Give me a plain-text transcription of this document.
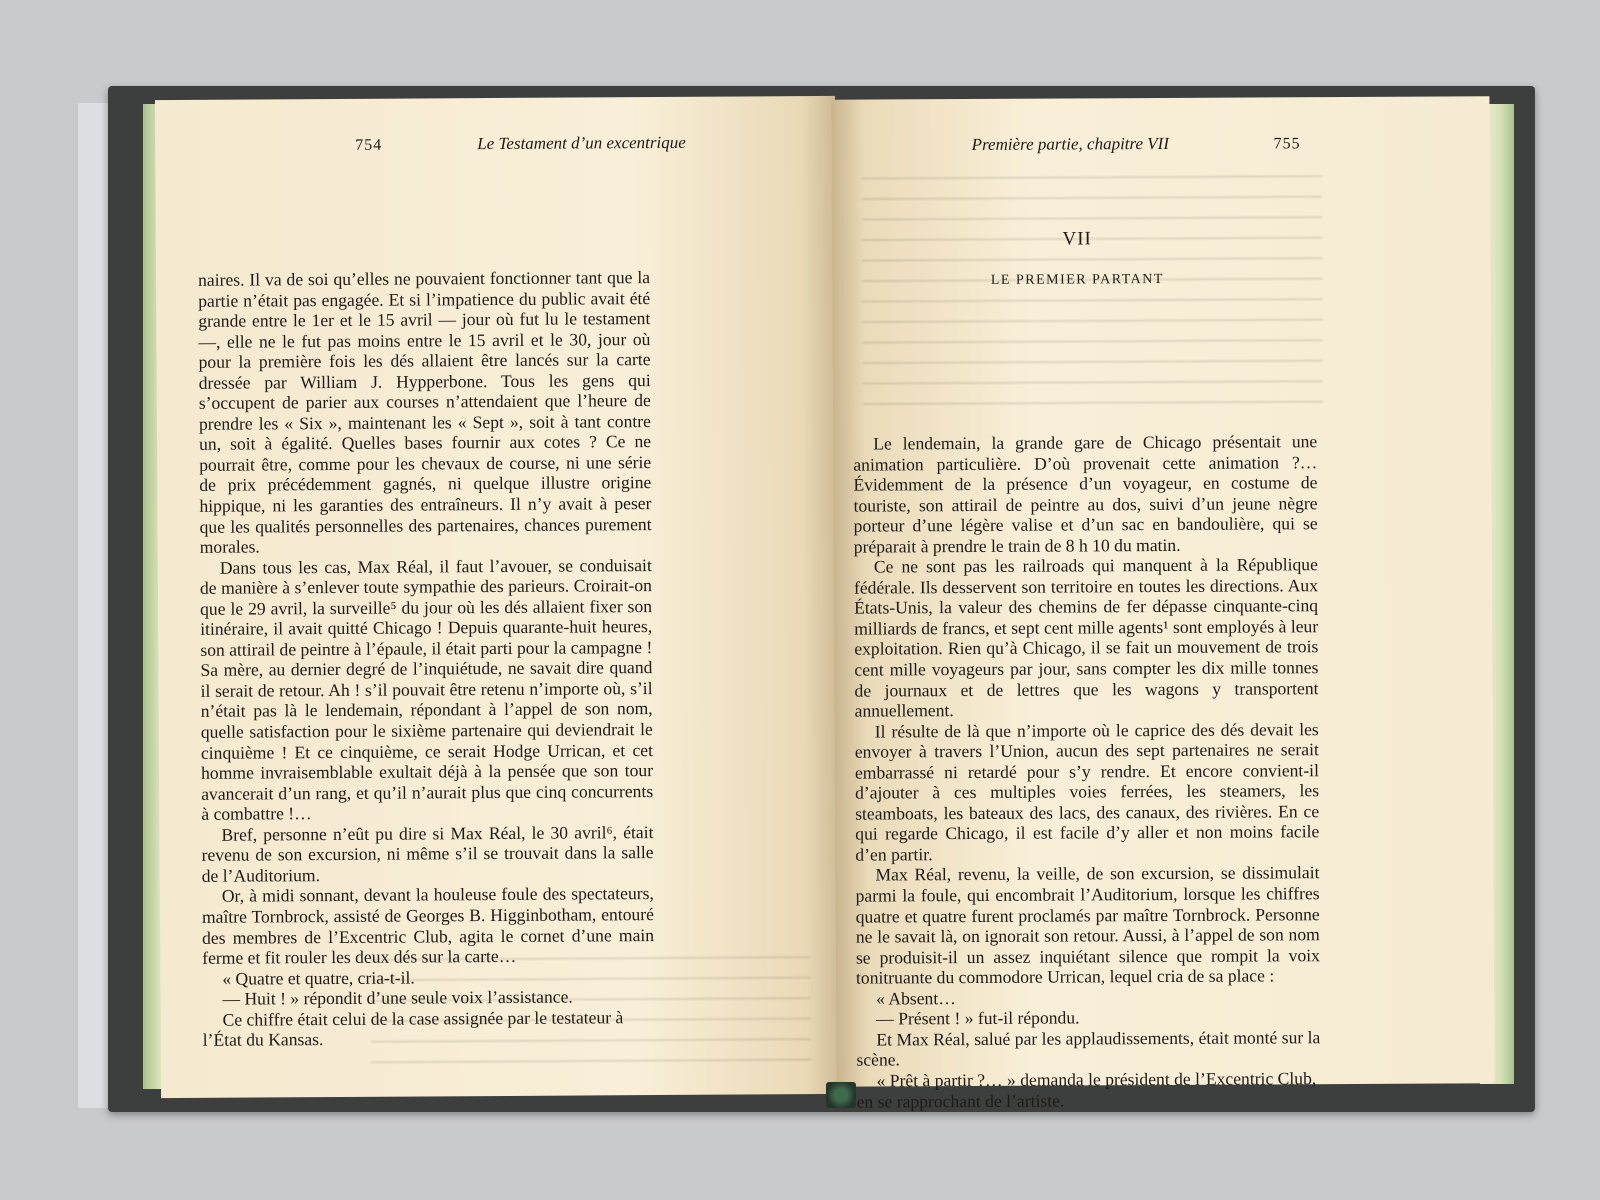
754	Le Testament d’un excentrique

naires. Il va de soi qu’elles ne pouvaient fonctionner tant que la partie n’était pas engagée. Et si l’impatience du public avait été grande entre le 1er et le 15 avril — jour où fut lu le testament —, elle ne le fut pas moins entre le 15 avril et le 30, jour où pour la première fois les dés allaient être lancés sur la carte dressée par William J. Hypperbone. Tous les gens qui s’occupent de parier aux courses n’attendaient que l’heure de prendre les « Six », maintenant les « Sept », soit à tant contre un, soit à égalité. Quelles bases fournir aux cotes ? Ce ne pourrait être, comme pour les chevaux de course, ni une série de prix précédemment gagnés, ni quelque illustre origine hippique, ni les garanties des entraîneurs. Il n’y avait à peser que les qualités personnelles des partenaires, chances purement morales.

Dans tous les cas, Max Réal, il faut l’avouer, se conduisait de manière à s’enlever toute sympathie des parieurs. Croirait-on que le 29 avril, la surveille⁵ du jour où les dés allaient fixer son itinéraire, il avait quitté Chicago ! Depuis quarante-huit heures, son attirail de peintre à l’épaule, il était parti pour la campagne ! Sa mère, au dernier degré de l’inquiétude, ne savait dire quand il serait de retour. Ah ! s’il pouvait être retenu n’importe où, s’il n’était pas là le lendemain, répondant à l’appel de son nom, quelle satisfaction pour le sixième partenaire qui deviendrait le cinquième ! Et ce cinquième, ce serait Hodge Urrican, et cet homme invraisemblable exultait déjà à la pensée que son tour avancerait d’un rang, et qu’il n’aurait plus que cinq concurrents à combattre !…

Bref, personne n’eût pu dire si Max Réal, le 30 avril⁶, était revenu de son excursion, ni même s’il se trouvait dans la salle de l’Auditorium.

Or, à midi sonnant, devant la houleuse foule des spectateurs, maître Tornbrock, assisté de Georges B. Higginbotham, entouré des membres de l’Excentric Club, agita le cornet d’une main ferme et fit rouler les deux dés sur la carte…

« Quatre et quatre, cria-t-il.

— Huit ! » répondit d’une seule voix l’assistance.

Ce chiffre était celui de la case assignée par le testateur à l’État du Kansas.

Première partie, chapitre VII	755
VII
LE PREMIER PARTANT

Le lendemain, la grande gare de Chicago présentait une animation particulière. D’où provenait cette animation ?… Évidemment de la présence d’un voyageur, en costume de touriste, son attirail de peintre au dos, suivi d’un jeune nègre porteur d’une légère valise et d’un sac en bandoulière, qui se préparait à prendre le train de 8 h 10 du matin.

Ce ne sont pas les railroads qui manquent à la République fédérale. Ils desservent son territoire en toutes les directions. Aux États-Unis, la valeur des chemins de fer dépasse cinquante-cinq milliards de francs, et sept cent mille agents¹ sont employés à leur exploitation. Rien qu’à Chicago, il se fait un mouvement de trois cent mille voyageurs par jour, sans compter les dix mille tonnes de journaux et de lettres que les wagons y transportent annuellement.

Il résulte de là que n’importe où le caprice des dés devait les envoyer à travers l’Union, aucun des sept partenaires ne serait embarrassé ni retardé pour s’y rendre. Et encore convient-il d’ajouter à ces multiples voies ferrées, les steamers, les steamboats, les bateaux des lacs, des canaux, des rivières. En ce qui regarde Chicago, il est facile d’y aller et non moins facile d’en partir.

Max Réal, revenu, la veille, de son excursion, se dissimulait parmi la foule, qui encombrait l’Auditorium, lorsque les chiffres quatre et quatre furent proclamés par maître Tornbrock. Personne ne le savait là, on ignorait son retour. Aussi, à l’appel de son nom se produisit-il un assez inquiétant silence que rompit la voix tonitruante du commodore Urrican, lequel cria de sa place :

« Absent…

— Présent ! » fut-il répondu.

Et Max Réal, salué par les applaudissements, était monté sur la scène.

« Prêt à partir ?… » demanda le président de l’Excentric Club, en se rapprochant de l’artiste.
